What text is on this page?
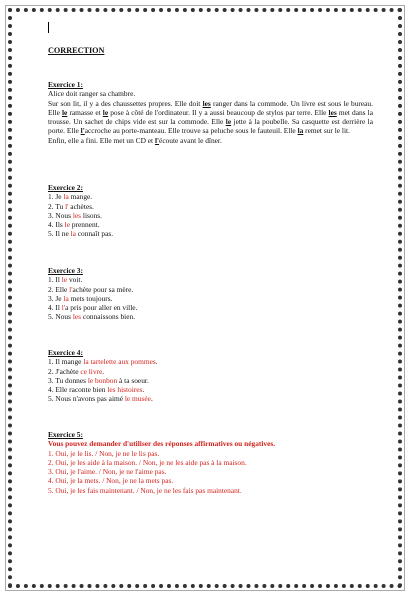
CORRECTION
Exercice 1:
Alice doit ranger sa chambre.
Sur son lit, il y a des chaussettes propres. Elle doit les ranger dans la commode. Un livre est sous le bureau. Elle le ramasse et le pose à côté de l'ordinateur. Il y a aussi beaucoup de stylos par terre. Elle les met dans la trousse. Un sachet de chips vide est sur la commode. Elle le jette à la poubelle. Sa casquette est derrière la porte. Elle l'accroche au porte-manteau. Elle trouve sa peluche sous le fauteuil. Elle la remet sur le lit.
Enfin, elle a fini. Elle met un CD et l'écoute avant le dîner.
Exercice 2:
1. Je la mange.
2. Tu l' achètes.
3. Nous les lisons.
4. Ils le prennent.
5. Il ne la connaît pas.
Exercice 3:
1. Il le voit.
2. Elle l'achète pour sa mère.
3. Je la mets toujours.
4. Il l'a pris pour aller en ville.
5. Nous les connaissons bien.
Exercice 4:
1. Il mange la tartelette aux pommes.
2. J'achète ce livre.
3. Tu donnes le bonbon à ta soeur.
4. Elle raconte bien les histoires.
5. Nous n'avons pas aimé le musée.
Exercice 5:
Vous pouvez demander d'utiliser des réponses affirmatives ou négatives.
1. Oui, je le lis. / Non, je ne le lis pas.
2. Oui, je les aide à la maison. / Non, je ne les aide pas à la maison.
3. Oui, je l'aime. / Non, je ne l'aime pas.
4. Oui, je la mets. / Non, je ne la mets pas.
5. Oui, je les fais maintenant. / Non, je ne les fais pas maintenant.
